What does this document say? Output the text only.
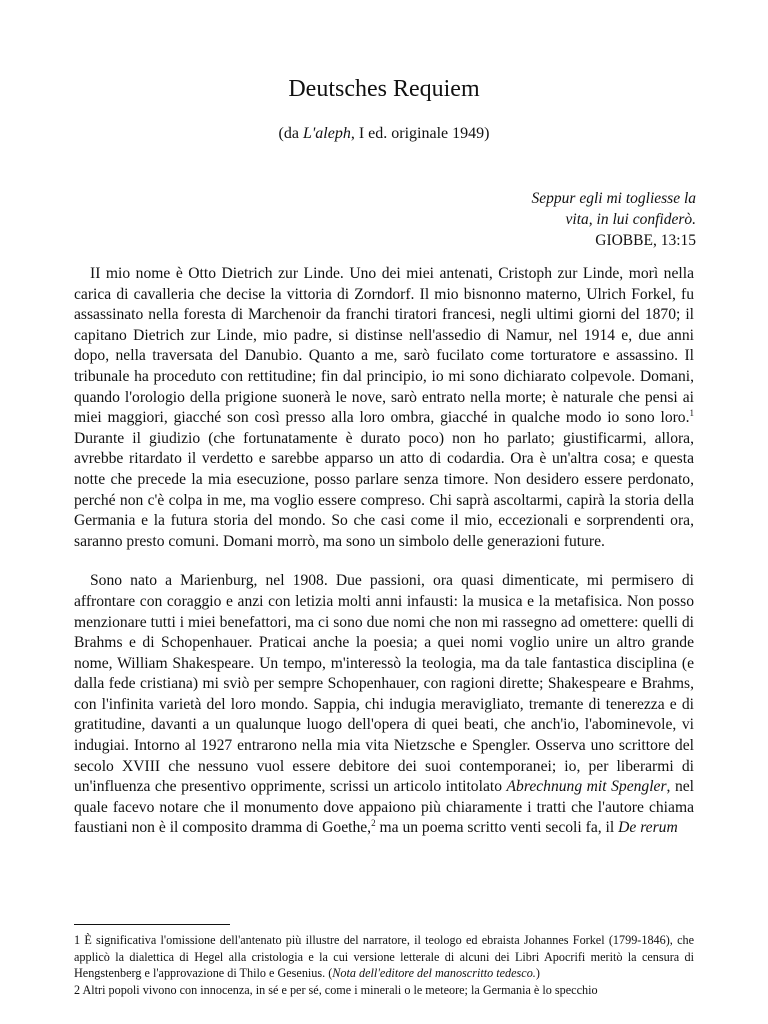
Deutsches Requiem
(da L'aleph, I ed. originale 1949)
Seppur egli mi togliesse la
vita, in lui confiderò.
GIOBBE, 13:15

II mio nome è Otto Dietrich zur Linde. Uno dei miei antenati, Cristoph zur Linde, morì nella carica di cavalleria che decise la vittoria di Zorndorf. Il mio bisnonno materno, Ulrich Forkel, fu assassinato nella foresta di Marchenoir da franchi tiratori francesi, negli ultimi giorni del 1870; il capitano Dietrich zur Linde, mio padre, si distinse nell'assedio di Namur, nel 1914 e, due anni dopo, nella traversata del Danubio. Quanto a me, sarò fucilato come torturatore e assassino. Il tribunale ha proceduto con rettitudine; fin dal principio, io mi sono dichiarato colpevole. Domani, quando l'orologio della prigione suonerà le nove, sarò entrato nella morte; è naturale che pensi ai miei maggiori, giacché son così presso alla loro ombra, giacché in qualche modo io sono loro.$^1$ Durante il giudizio (che fortunatamente è durato poco) non ho parlato; giustificarmi, allora, avrebbe ritardato il verdetto e sarebbe apparso un atto di codardia. Ora è un'altra cosa; e questa notte che precede la mia esecuzione, posso parlare senza timore. Non desidero essere perdonato, perché non c'è colpa in me, ma voglio essere compreso. Chi saprà ascoltarmi, capirà la storia della Germania e la futura storia del mondo. So che casi come il mio, eccezionali e sorprendenti ora, saranno presto comuni. Domani morrò, ma sono un simbolo delle generazioni future.

Sono nato a Marienburg, nel 1908. Due passioni, ora quasi dimenticate, mi permisero di affrontare con coraggio e anzi con letizia molti anni infausti: la musica e la metafisica. Non posso menzionare tutti i miei benefattori, ma ci sono due nomi che non mi rassegno ad omettere: quelli di Brahms e di Schopenhauer. Praticai anche la poesia; a quei nomi voglio unire un altro grande nome, William Shakespeare. Un tempo, m'interessò la teologia, ma da tale fantastica disciplina (e dalla fede cristiana) mi sviò per sempre Schopenhauer, con ragioni dirette; Shakespeare e Brahms, con l'infinita varietà del loro mondo. Sappia, chi indugia meravigliato, tremante di tenerezza e di gratitudine, davanti a un qualunque luogo dell'opera di quei beati, che anch'io, l'abominevole, vi indugiai. Intorno al 1927 entrarono nella mia vita Nietzsche e Spengler. Osserva uno scrittore del secolo XVIII che nessuno vuol essere debitore dei suoi contemporanei; io, per liberarmi di un'influenza che presentivo opprimente, scrissi un articolo intitolato Abrechnung mit Spengler, nel quale facevo notare che il monumento dove appaiono più chiaramente i tratti che l'autore chiama faustiani non è il composito dramma di Goethe,$^2$ ma un poema scritto venti secoli fa, il De rerum

1 È significativa l'omissione dell'antenato più illustre del narratore, il teologo ed ebraista Johannes Forkel (1799-1846), che applicò la dialettica di Hegel alla cristologia e la cui versione letterale di alcuni dei Libri Apocrifi meritò la censura di Hengstenberg e l'approvazione di Thilo e Gesenius. (Nota dell'editore del manoscritto tedesco.)

2 Altri popoli vivono con innocenza, in sé e per sé, come i minerali o le meteore; la Germania è lo specchio
